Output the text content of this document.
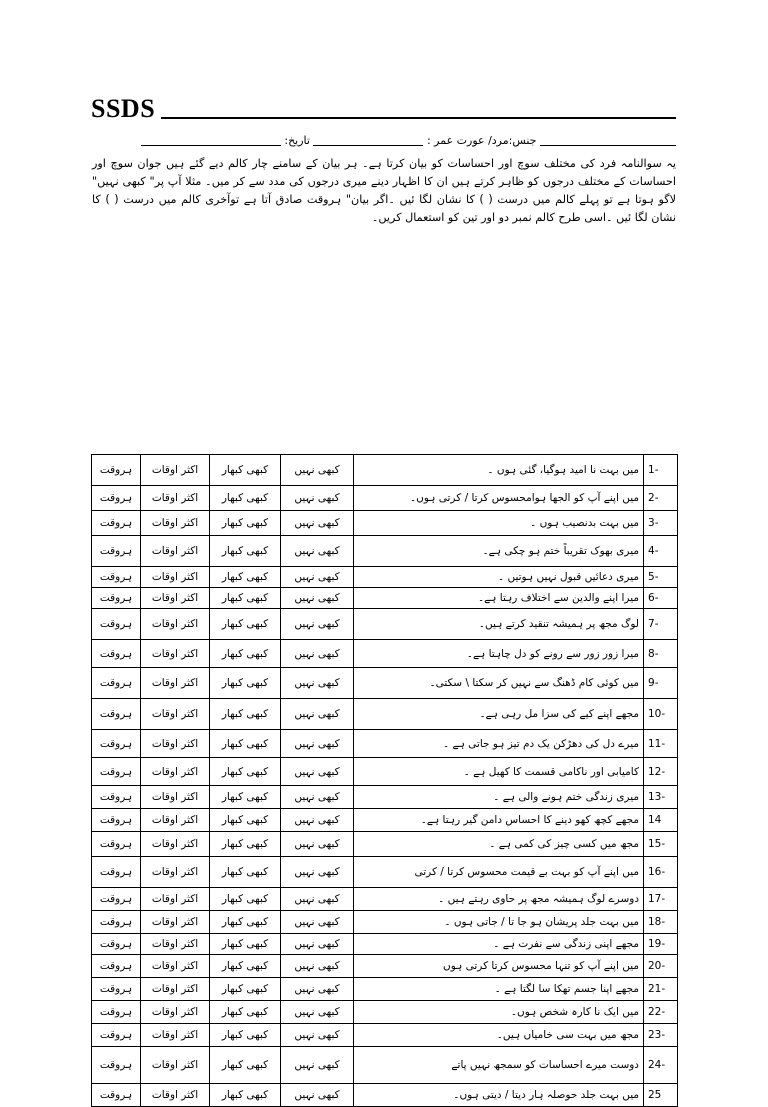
SSDS
جنس:مرد/ عورت عمر :  تاریخ:
یہ سوالنامہ فرد کی مختلف سوچ اور احساسات کو بیان کرتا ہے۔ ہر بیان کے سامنے چار کالم دیے گئے ہیں جوان سوچ اور احساسات کے مختلف درجوں کو ظاہر کرتے ہیں ان کا اظہار دینے میری درجوں کی مدد سے کر میں۔ مثلا آپ پر" کبھی نہیں" لاگو ہوتا ہے تو پہلے کالم میں درست ( ) کا نشان لگا ئیں ۔اگر بیان" ہروقت صادق آتا ہے توآخری کالم میں درست ( ) کا نشان لگا ئیں ۔اسی طرح کالم نمبر دو اور تین کو استعمال کریں۔
-1	میں بہت نا امید ہوگیا، گئی ہوں ۔	کبھی نہیں	کبھی کبھار	اکثر اوقات	ہروقت
-2	میں اپنے آپ کو الجھا ہوامحسوس کرتا / کرتی ہوں۔	کبھی نہیں	کبھی کبھار	اکثر اوقات	ہروقت
-3	میں بہت بدنصیب ہوں ۔	کبھی نہیں	کبھی کبھار	اکثر اوقات	ہروقت
-4	میری بھوک تقریباً ختم ہو چکی ہے۔	کبھی نہیں	کبھی کبھار	اکثر اوقات	ہروقت
-5	میری دعائیں قبول نہیں ہوتیں ۔	کبھی نہیں	کبھی کبھار	اکثر اوقات	ہروقت
-6	میرا اپنے والدین سے اختلاف رہتا ہے۔	کبھی نہیں	کبھی کبھار	اکثر اوقات	ہروقت
-7	لوگ مجھ پر ہمیشہ تنقید کرتے ہیں۔	کبھی نہیں	کبھی کبھار	اکثر اوقات	ہروقت
-8	میرا زور زور سے رونے کو دل چاہتا ہے۔	کبھی نہیں	کبھی کبھار	اکثر اوقات	ہروقت
-9	میں کوئی کام ڈھنگ سے نہیں کر سکتا \ سکتی۔	کبھی نہیں	کبھی کبھار	اکثر اوقات	ہروقت
-10	مجھے اپنے کیے کی سزا مل رہی ہے۔	کبھی نہیں	کبھی کبھار	اکثر اوقات	ہروقت
-11	میرے دل کی دھڑکن یک دم تیز ہو جاتی ہے ۔	کبھی نہیں	کبھی کبھار	اکثر اوقات	ہروقت
-12	کامیابی اور ناکامی قسمت کا کھیل ہے ۔	کبھی نہیں	کبھی کبھار	اکثر اوقات	ہروقت
-13	میری زندگی ختم ہونے والی ہے ۔	کبھی نہیں	کبھی کبھار	اکثر اوقات	ہروقت
14	مجھے کچھ کھو دینے کا احساس دامن گیر رہتا ہے۔	کبھی نہیں	کبھی کبھار	اکثر اوقات	ہروقت
-15	مجھ میں کسی چیز کی کمی ہے ۔	کبھی نہیں	کبھی کبھار	اکثر اوقات	ہروقت
-16	میں اپنے آپ کو بہت بے قیمت محسوس کرتا / کرتی	کبھی نہیں	کبھی کبھار	اکثر اوقات	ہروقت
-17	دوسرے لوگ ہمیشہ مجھ پر حاوی رہتے ہیں ۔	کبھی نہیں	کبھی کبھار	اکثر اوقات	ہروقت
-18	میں بہت جلد پریشان ہو جا تا / جاتی ہوں ۔	کبھی نہیں	کبھی کبھار	اکثر اوقات	ہروقت
-19	مجھے اپنی زندگی سے نفرت ہے ۔	کبھی نہیں	کبھی کبھار	اکثر اوقات	ہروقت
-20	میں اپنے آپ کو تنہا محسوس کرتا کرتی ہوں	کبھی نہیں	کبھی کبھار	اکثر اوقات	ہروقت
-21	مجھے اپنا جسم تھکا سا لگتا ہے ۔	کبھی نہیں	کبھی کبھار	اکثر اوقات	ہروقت
-22	میں ایک نا کارہ شخص ہوں۔	کبھی نہیں	کبھی کبھار	اکثر اوقات	ہروقت
-23	مجھ میں بہت سی خامیاں ہیں۔	کبھی نہیں	کبھی کبھار	اکثر اوقات	ہروقت
-24	دوست میرے احساسات کو سمجھ نہیں پاتے	کبھی نہیں	کبھی کبھار	اکثر اوقات	ہروقت
25	میں بہت جلد حوصلہ ہار دیتا / دیتی ہوں۔	کبھی نہیں	کبھی کبھار	اکثر اوقات	ہروقت
